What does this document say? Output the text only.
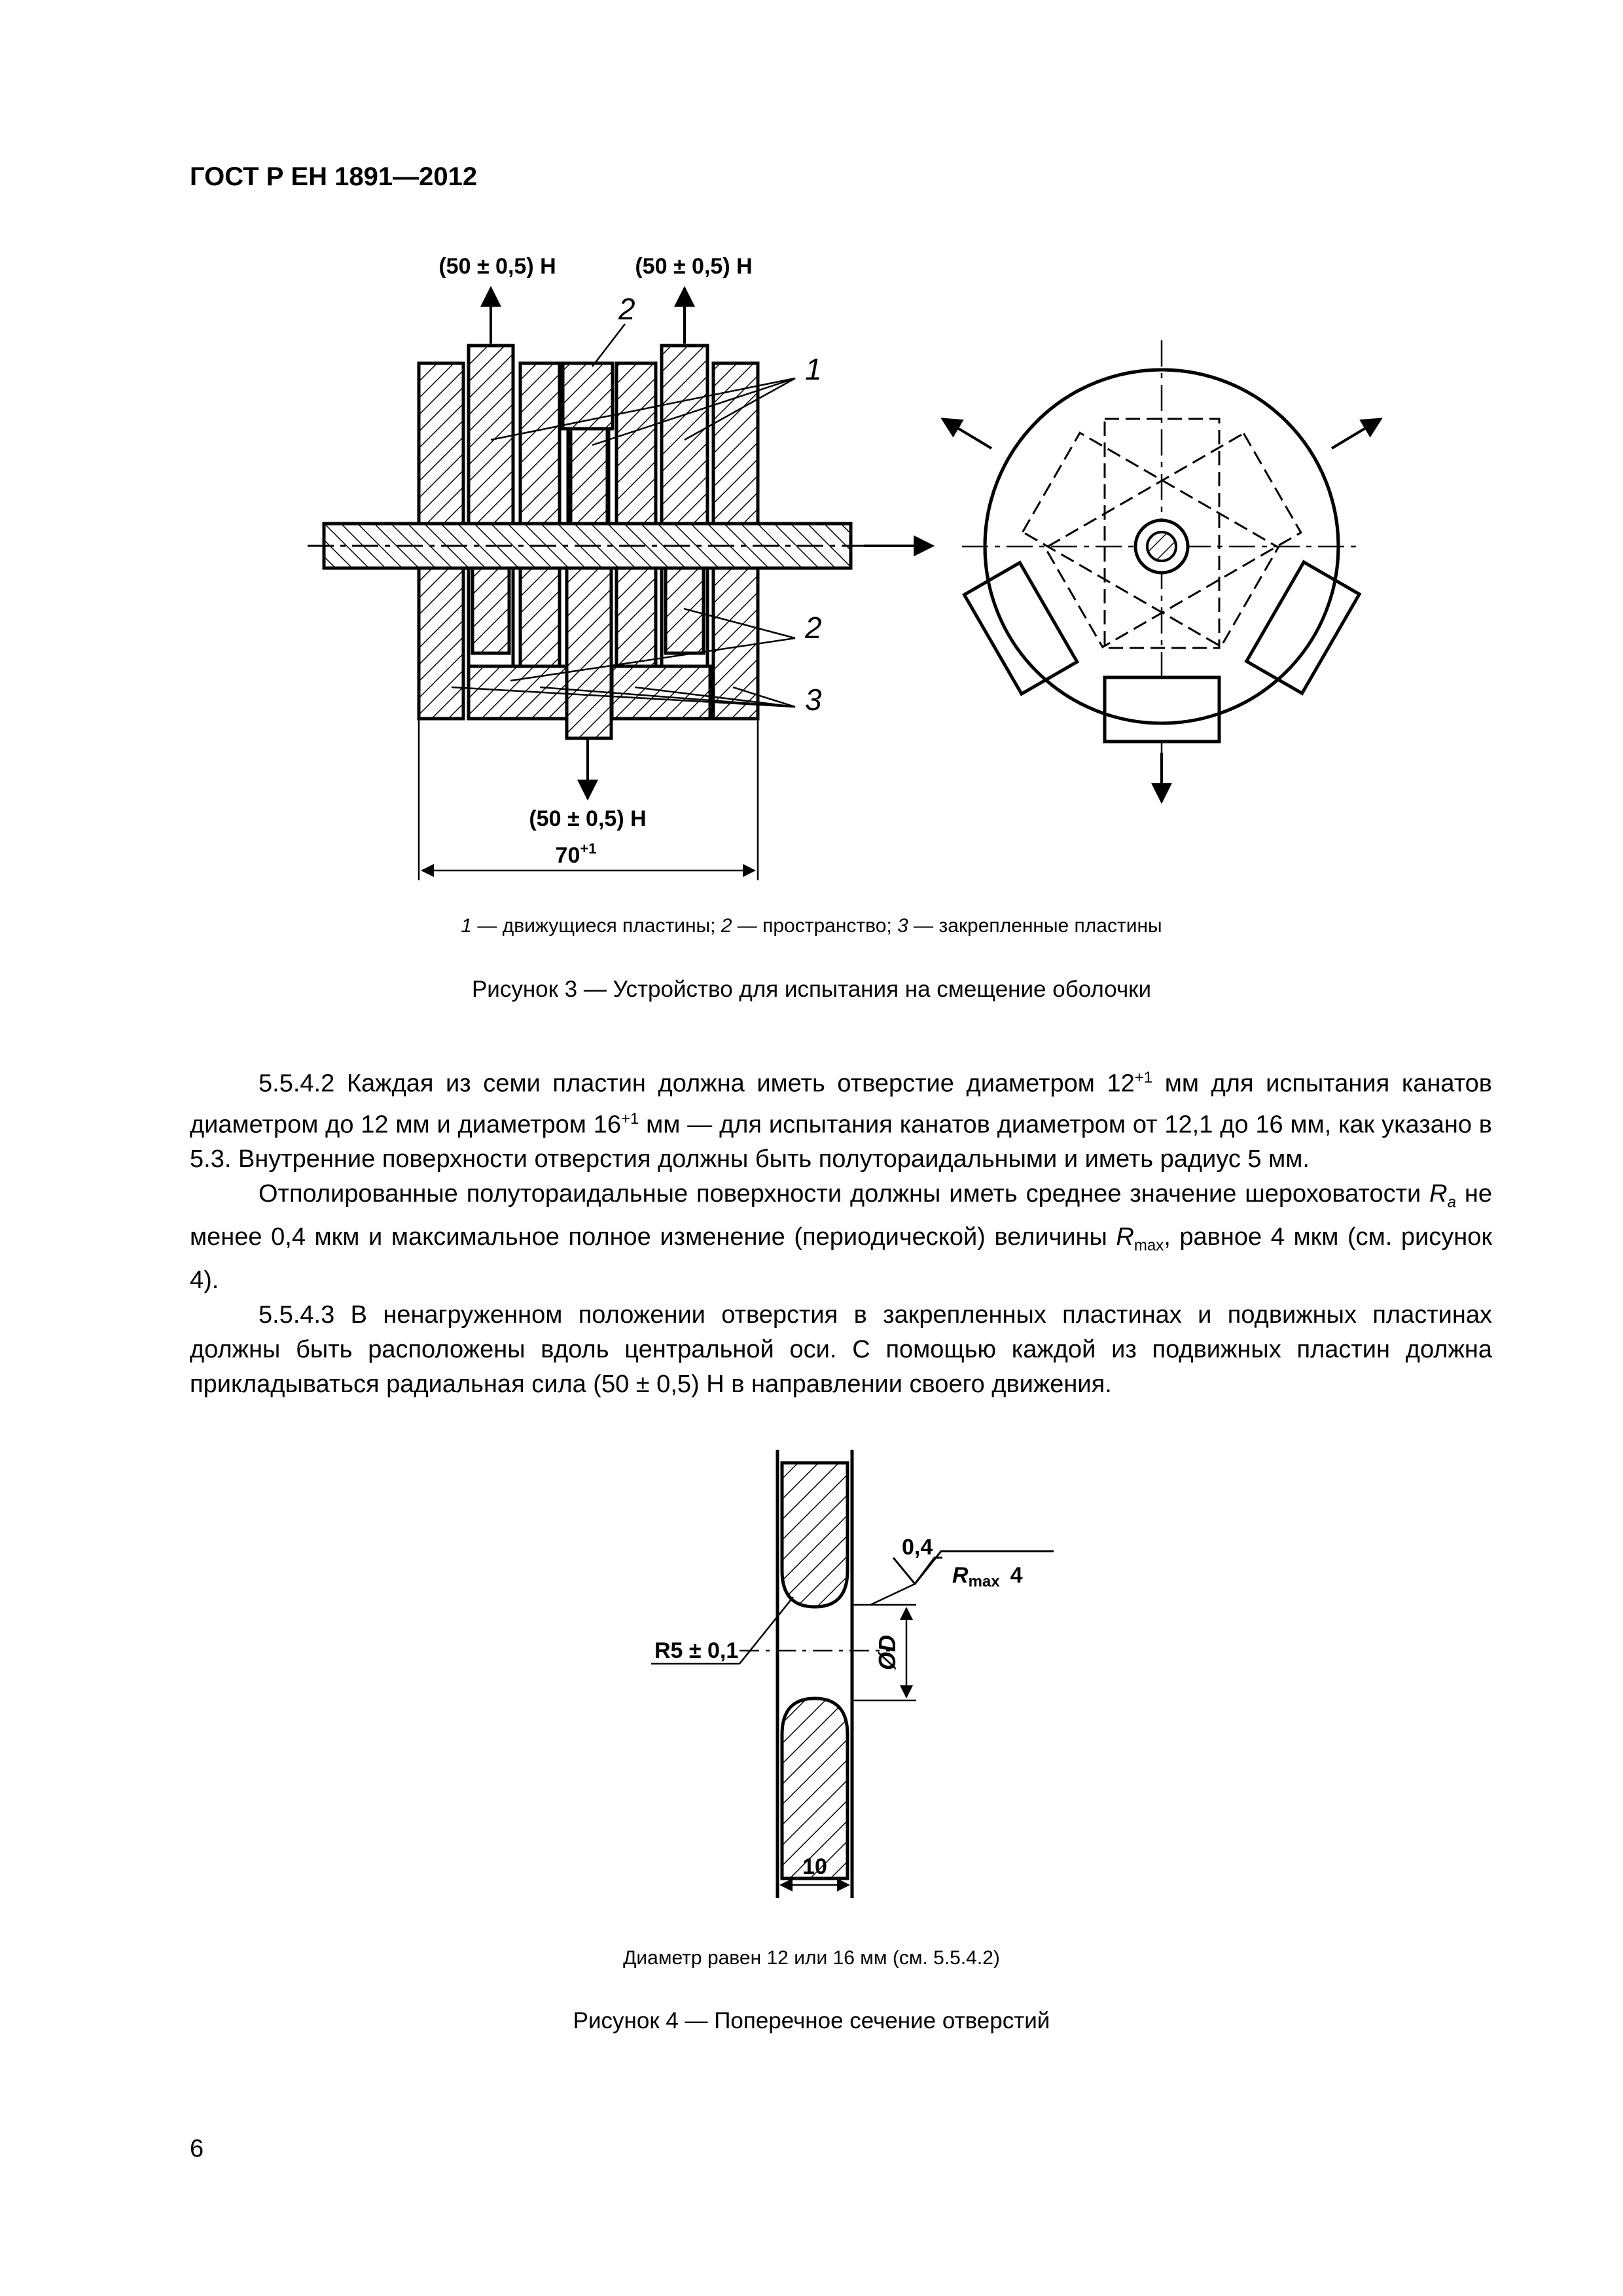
ГОСТ Р ЕН 1891—2012
(50 ± 0,5) Н	(50 ± 0,5) Н
2
1
2
3
(50 ± 0,5) Н
$70^{+1}$
1 — движущиеся пластины; 2 — пространство; 3 — закрепленные пластины
Рисунок 3 — Устройство для испытания на смещение оболочки

5.5.4.2 Каждая из семи пластин должна иметь отверстие диаметром $12^{+1}$ мм для испытания канатов диаметром до 12 мм и диаметром $16^{+1}$ мм — для испытания канатов диаметром от 12,1 до 16 мм, как указано в 5.3. Внутренние поверхности отверстия должны быть полутораидальными и иметь радиус 5 мм.

Отполированные полутораидальные поверхности должны иметь среднее значение шероховатости $R_a$ не менее 0,4 мкм и максимальное полное изменение (периодической) величины $R_{max}$, равное 4 мкм (см. рисунок 4).

5.5.4.3 В ненагруженном положении отверстия в закрепленных пластинах и подвижных пластинах должны быть расположены вдоль центральной оси. С помощью каждой из подвижных пластин должна прикладываться радиальная сила (50 ± 0,5) Н в направлении своего движения.

ØD
0,4
Rmax 4
R5 ± 0,1
10
Диаметр равен 12 или 16 мм (см. 5.5.4.2)
Рисунок 4 — Поперечное сечение отверстий
6
